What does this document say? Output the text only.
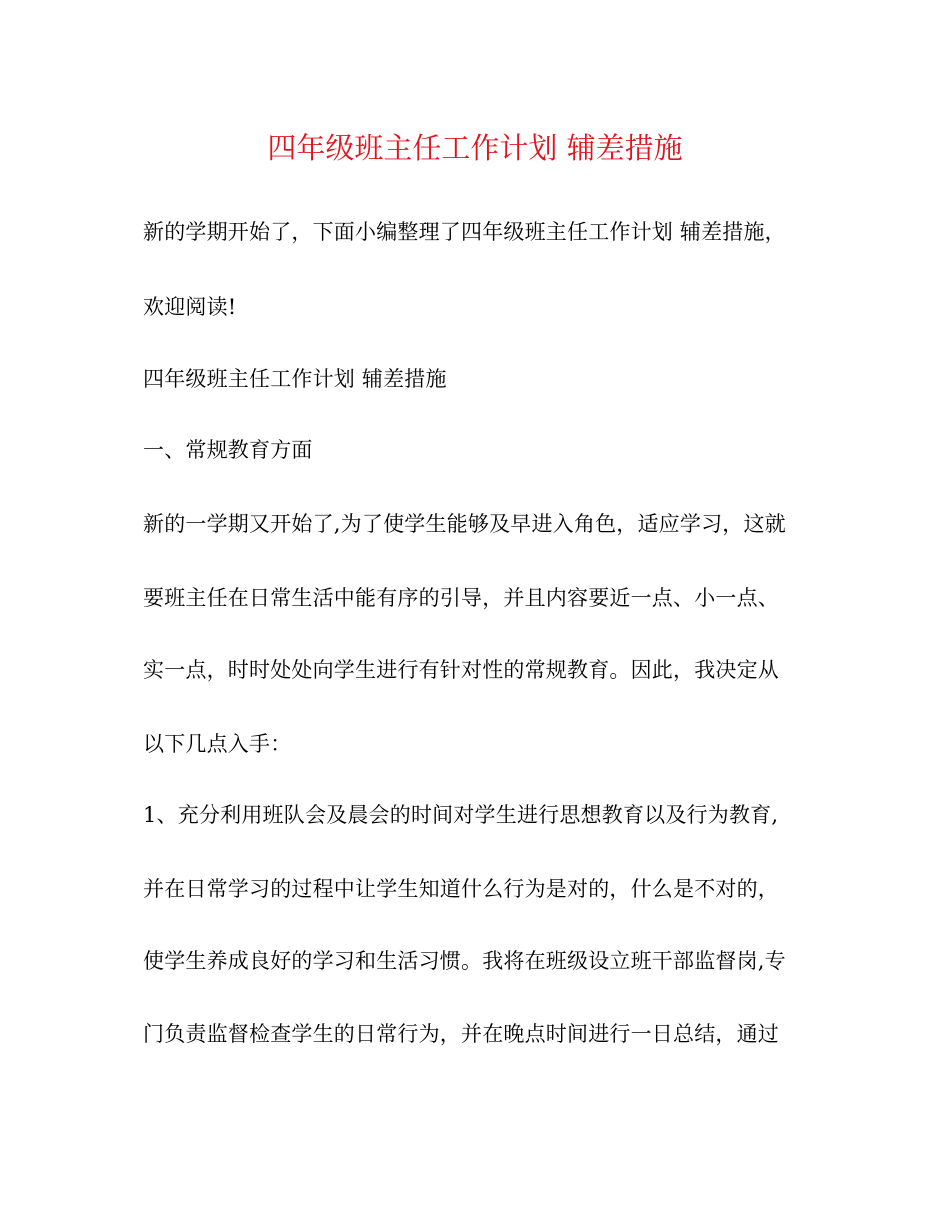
四年级班主任工作计划 辅差措施
新的学期开始了，下面小编整理了四年级班主任工作计划 辅差措施，
欢迎阅读!
四年级班主任工作计划 辅差措施
一、常规教育方面
新的一学期又开始了,为了使学生能够及早进入角色，适应学习，这就
要班主任在日常生活中能有序的引导，并且内容要近一点、小一点、
实一点，时时处处向学生进行有针对性的常规教育。因此，我决定从
以下几点入手：
1、充分利用班队会及晨会的时间对学生进行思想教育以及行为教育,
并在日常学习的过程中让学生知道什么行为是对的，什么是不对的，
使学生养成良好的学习和生活习惯。我将在班级设立班干部监督岗,专
门负责监督检查学生的日常行为，并在晚点时间进行一日总结，通过
